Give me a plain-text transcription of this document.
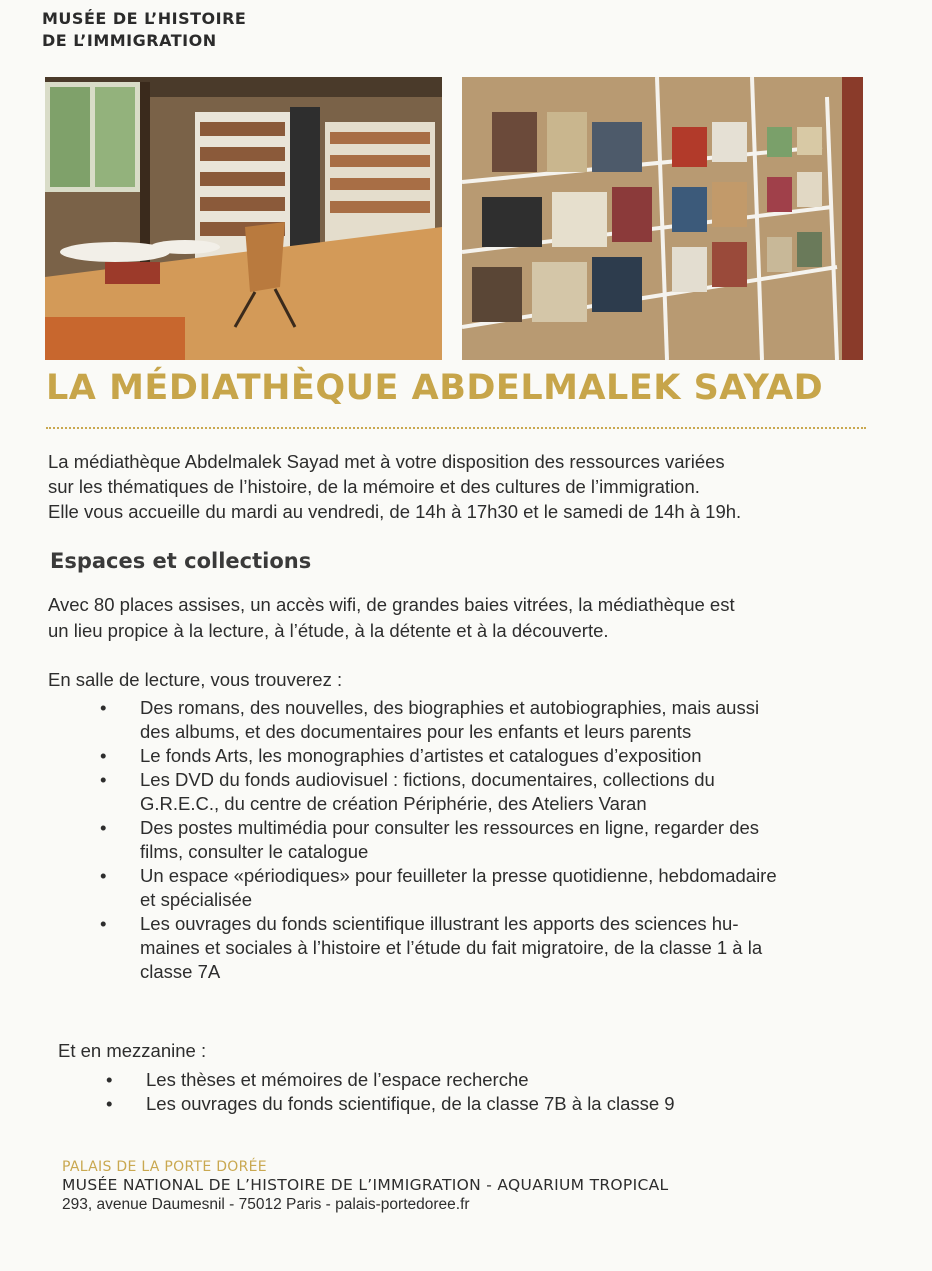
MUSÉE DE L’HISTOIRE
DE L’IMMIGRATION
LA MÉDIATHÈQUE ABDELMALEK SAYAD
La médiathèque Abdelmalek Sayad met à votre disposition des ressources variées
sur les thématiques de l’histoire, de la mémoire et des cultures de l’immigration.
Elle vous accueille du mardi au vendredi, de 14h à 17h30 et le samedi de 14h à 19h.
Espaces et collections
Avec 80 places assises, un accès wifi, de grandes baies vitrées, la médiathèque est
un lieu propice à la lecture, à l’étude, à la détente et à la découverte.
En salle de lecture, vous trouverez :
• Des romans, des nouvelles, des biographies et autobiographies, mais aussi
des albums, et des documentaires pour les enfants et leurs parents
• Le fonds Arts, les monographies d’artistes et catalogues d’exposition
• Les DVD du fonds audiovisuel : fictions, documentaires, collections du
G.R.E.C., du centre de création Périphérie, des Ateliers Varan
• Des postes multimédia pour consulter les ressources en ligne, regarder des
films, consulter le catalogue
• Un espace «périodiques» pour feuilleter la presse quotidienne, hebdomadaire
et spécialisée
• Les ouvrages du fonds scientifique illustrant les apports des sciences hu-
maines et sociales à l’histoire et l’étude du fait migratoire, de la classe 1 à la
classe 7A
Et en mezzanine :
• Les thèses et mémoires de l’espace recherche
• Les ouvrages du fonds scientifique, de la classe 7B à la classe 9
PALAIS DE LA PORTE DORÉE
MUSÉE NATIONAL DE L’HISTOIRE DE L’IMMIGRATION - AQUARIUM TROPICAL
293, avenue Daumesnil - 75012 Paris - palais-portedoree.fr
